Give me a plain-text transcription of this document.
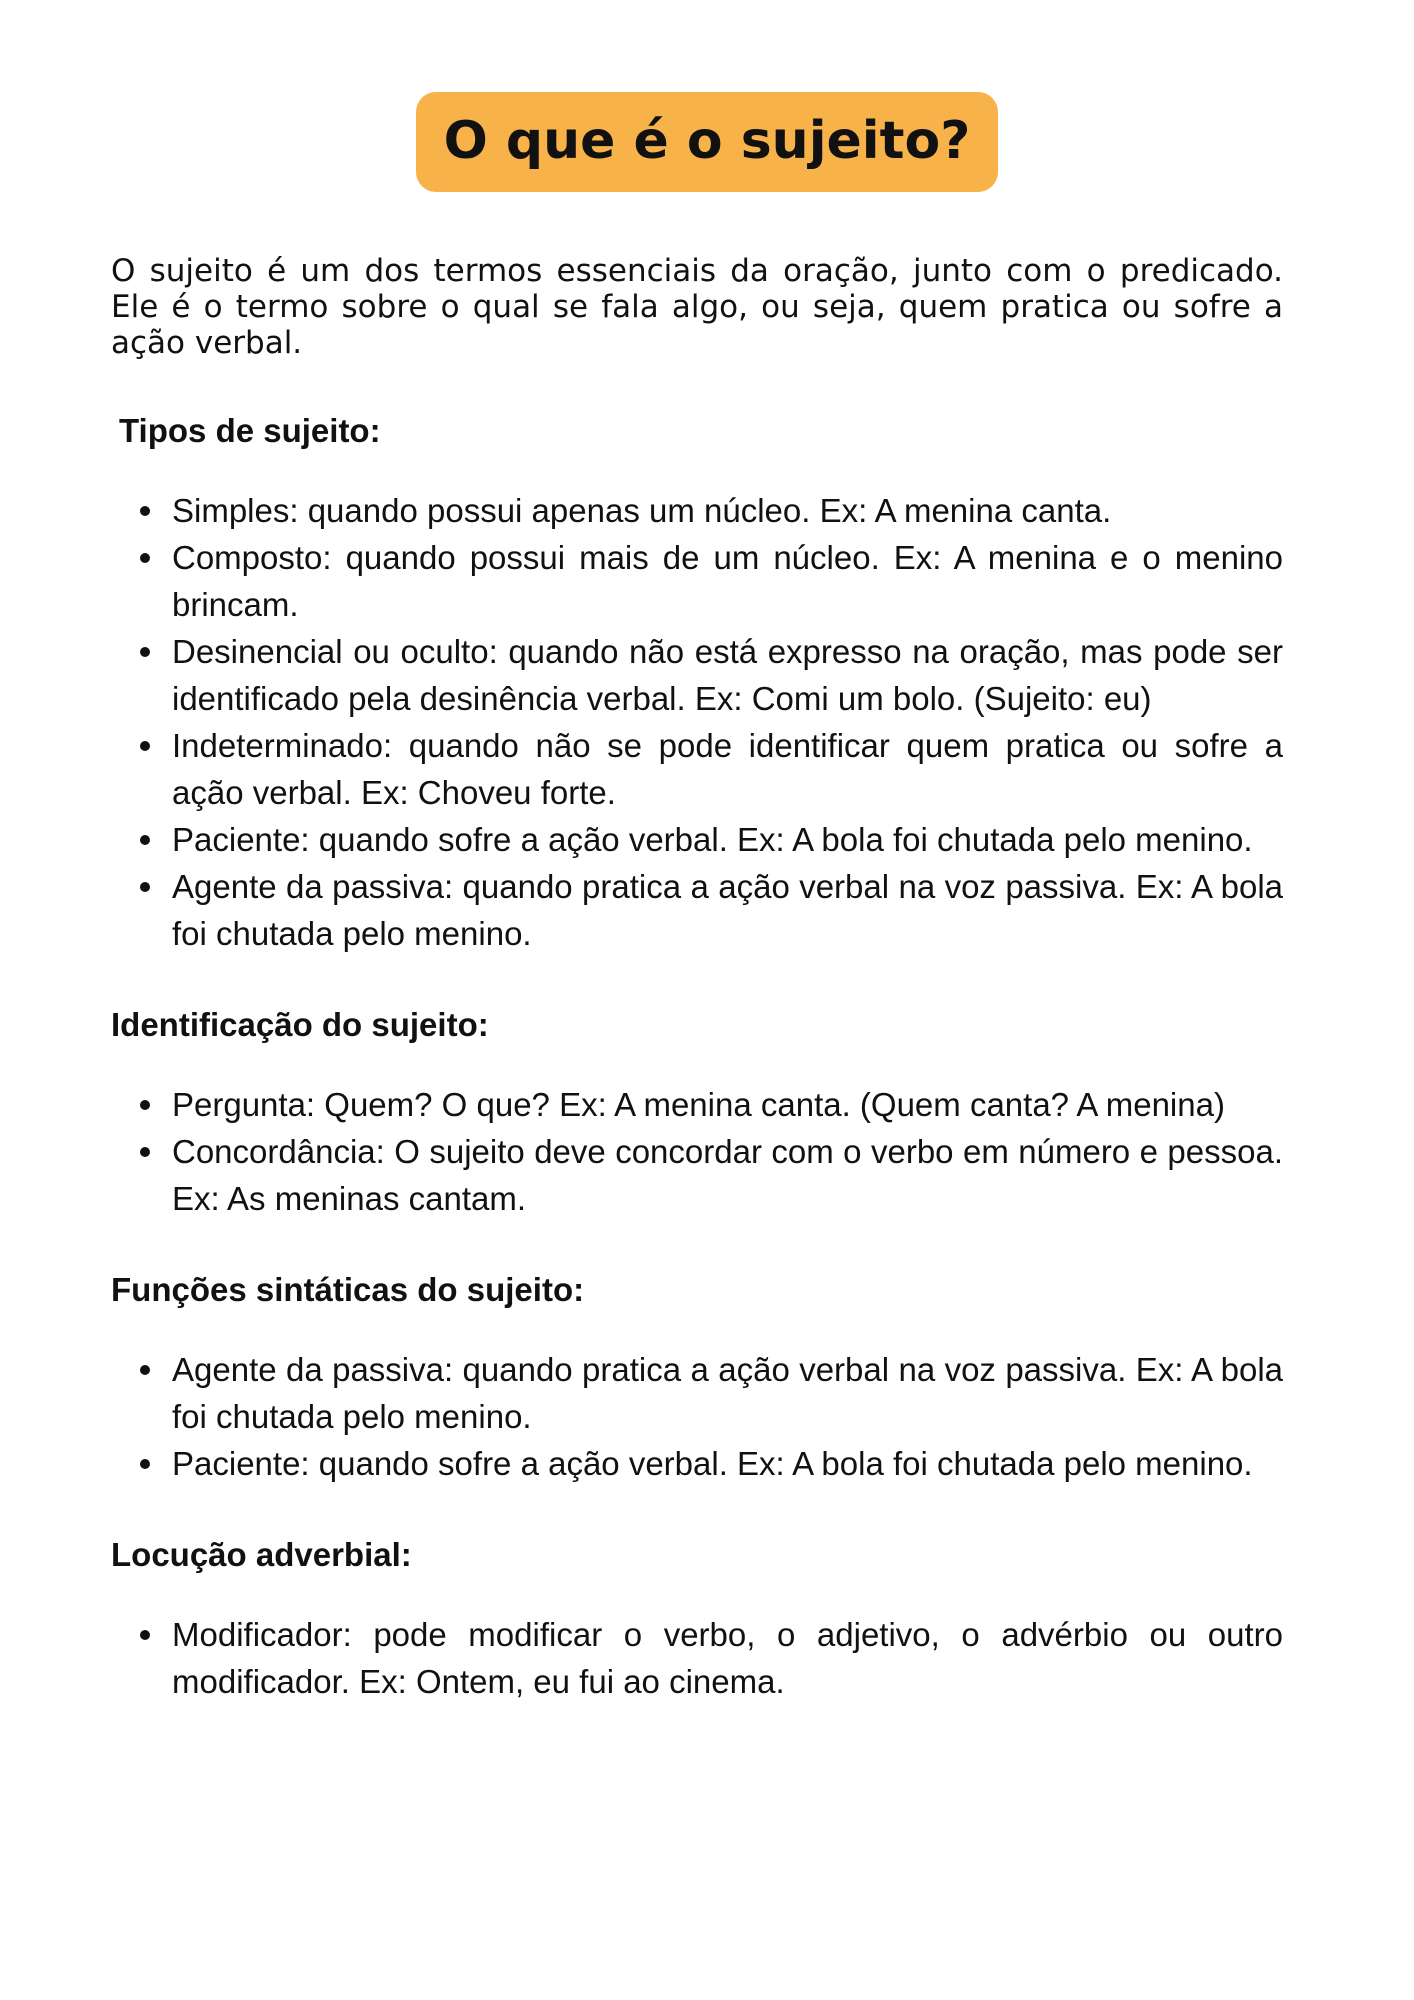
O que é o sujeito?

O sujeito é um dos termos essenciais da oração, junto com o predicado. Ele é o termo sobre o qual se fala algo, ou seja, quem pratica ou sofre a ação verbal.

Tipos de sujeito:
Simples: quando possui apenas um núcleo. Ex: A menina canta.
Composto: quando possui mais de um núcleo. Ex: A menina e o menino brincam.
Desinencial ou oculto: quando não está expresso na oração, mas pode ser identificado pela desinência verbal. Ex: Comi um bolo. (Sujeito: eu)
Indeterminado: quando não se pode identificar quem pratica ou sofre a ação verbal. Ex: Choveu forte.
Paciente: quando sofre a ação verbal. Ex: A bola foi chutada pelo menino.
Agente da passiva: quando pratica a ação verbal na voz passiva. Ex: A bola foi chutada pelo menino.
Identificação do sujeito:
Pergunta: Quem? O que? Ex: A menina canta. (Quem canta? A menina)
Concordância: O sujeito deve concordar com o verbo em número e pessoa. Ex: As meninas cantam.
Funções sintáticas do sujeito:
Agente da passiva: quando pratica a ação verbal na voz passiva. Ex: A bola foi chutada pelo menino.
Paciente: quando sofre a ação verbal. Ex: A bola foi chutada pelo menino.
Locução adverbial:
Modificador: pode modificar o verbo, o adjetivo, o advérbio ou outro modificador. Ex: Ontem, eu fui ao cinema.
